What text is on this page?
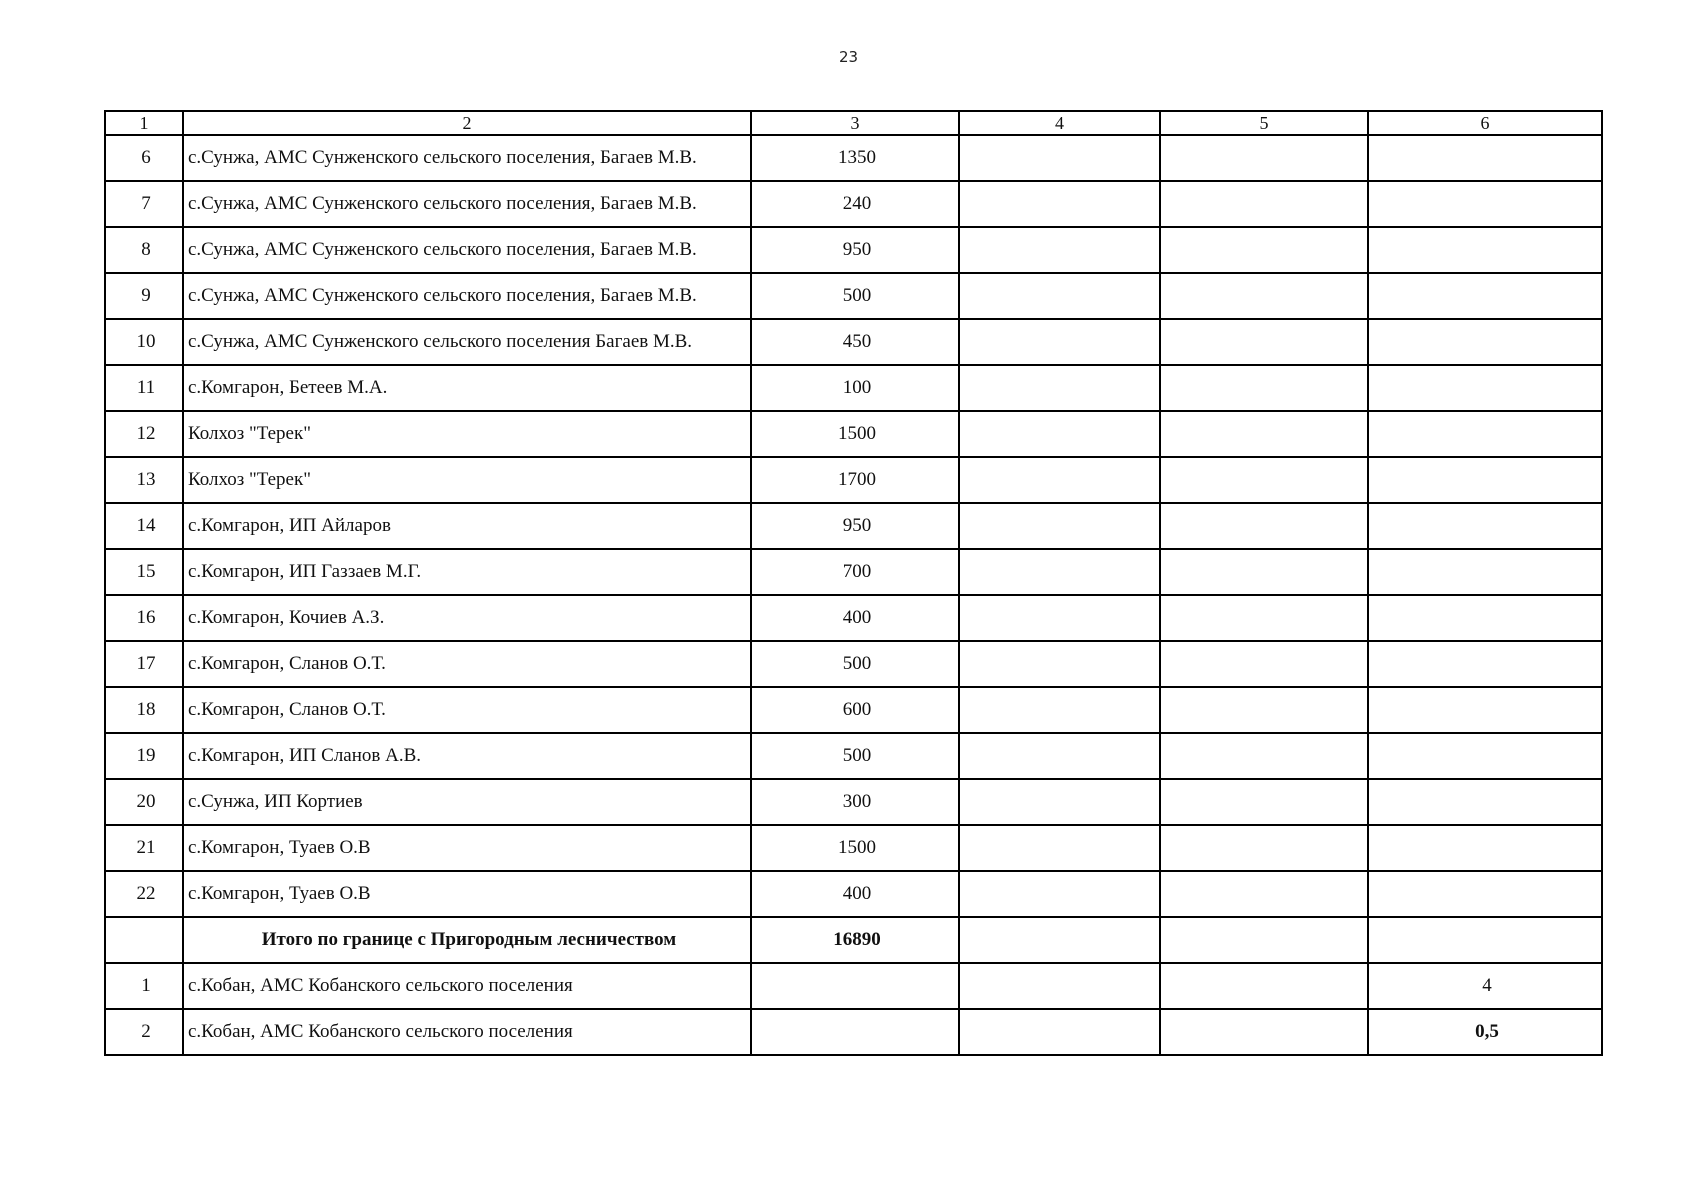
23
1	2	3	4	5	6
6	с.Сунжа, АМС Сунженского сельского поселения, Багаев М.В.	1350			
7	с.Сунжа, АМС Сунженского сельского поселения, Багаев М.В.	240			
8	с.Сунжа, АМС Сунженского сельского поселения, Багаев М.В.	950			
9	с.Сунжа, АМС Сунженского сельского поселения, Багаев М.В.	500			
10	с.Сунжа, АМС Сунженского сельского поселения Багаев М.В.	450			
11	с.Комгарон, Бетеев М.А.	100			
12	Колхоз "Терек"	1500			
13	Колхоз "Терек"	1700			
14	с.Комгарон, ИП Айларов	950			
15	с.Комгарон, ИП Газзаев М.Г.	700			
16	с.Комгарон, Кочиев А.З.	400			
17	с.Комгарон, Сланов О.Т.	500			
18	с.Комгарон, Сланов О.Т.	600			
19	с.Комгарон, ИП Сланов А.В.	500			
20	с.Сунжа, ИП Кортиев	300			
21	с.Комгарон, Туаев О.В	1500			
22	с.Комгарон, Туаев О.В	400			
	Итого по границе с Пригородным лесничеством	16890			
1	с.Кобан, АМС Кобанского сельского поселения				4
2	с.Кобан, АМС Кобанского сельского поселения				0,5
